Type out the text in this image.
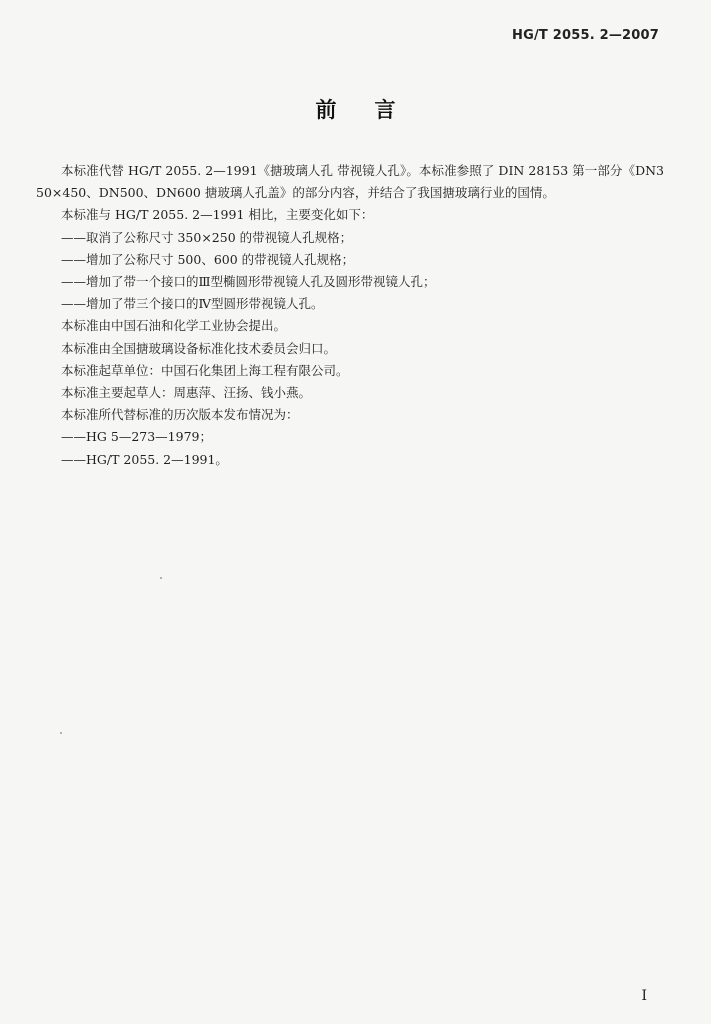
HG/T 2055. 2—2007
前言

本标准代替 HG/T 2055. 2—1991《搪玻璃人孔 带视镜人孔》。本标准参照了 DIN 28153 第一部分《DN350×450、DN500、DN600 搪玻璃人孔盖》的部分内容，并结合了我国搪玻璃行业的国情。

本标准与 HG/T 2055. 2—1991 相比，主要变化如下：

——取消了公称尺寸 350×250 的带视镜人孔规格；

——增加了公称尺寸 500、600 的带视镜人孔规格；

——增加了带一个接口的Ⅲ型椭圆形带视镜人孔及圆形带视镜人孔；

——增加了带三个接口的Ⅳ型圆形带视镜人孔。

本标准由中国石油和化学工业协会提出。

本标准由全国搪玻璃设备标准化技术委员会归口。

本标准起草单位：中国石化集团上海工程有限公司。

本标准主要起草人：周惠萍、汪扬、钱小燕。

本标准所代替标准的历次版本发布情况为：

——HG 5—273—1979；

——HG/T 2055. 2—1991。

I
